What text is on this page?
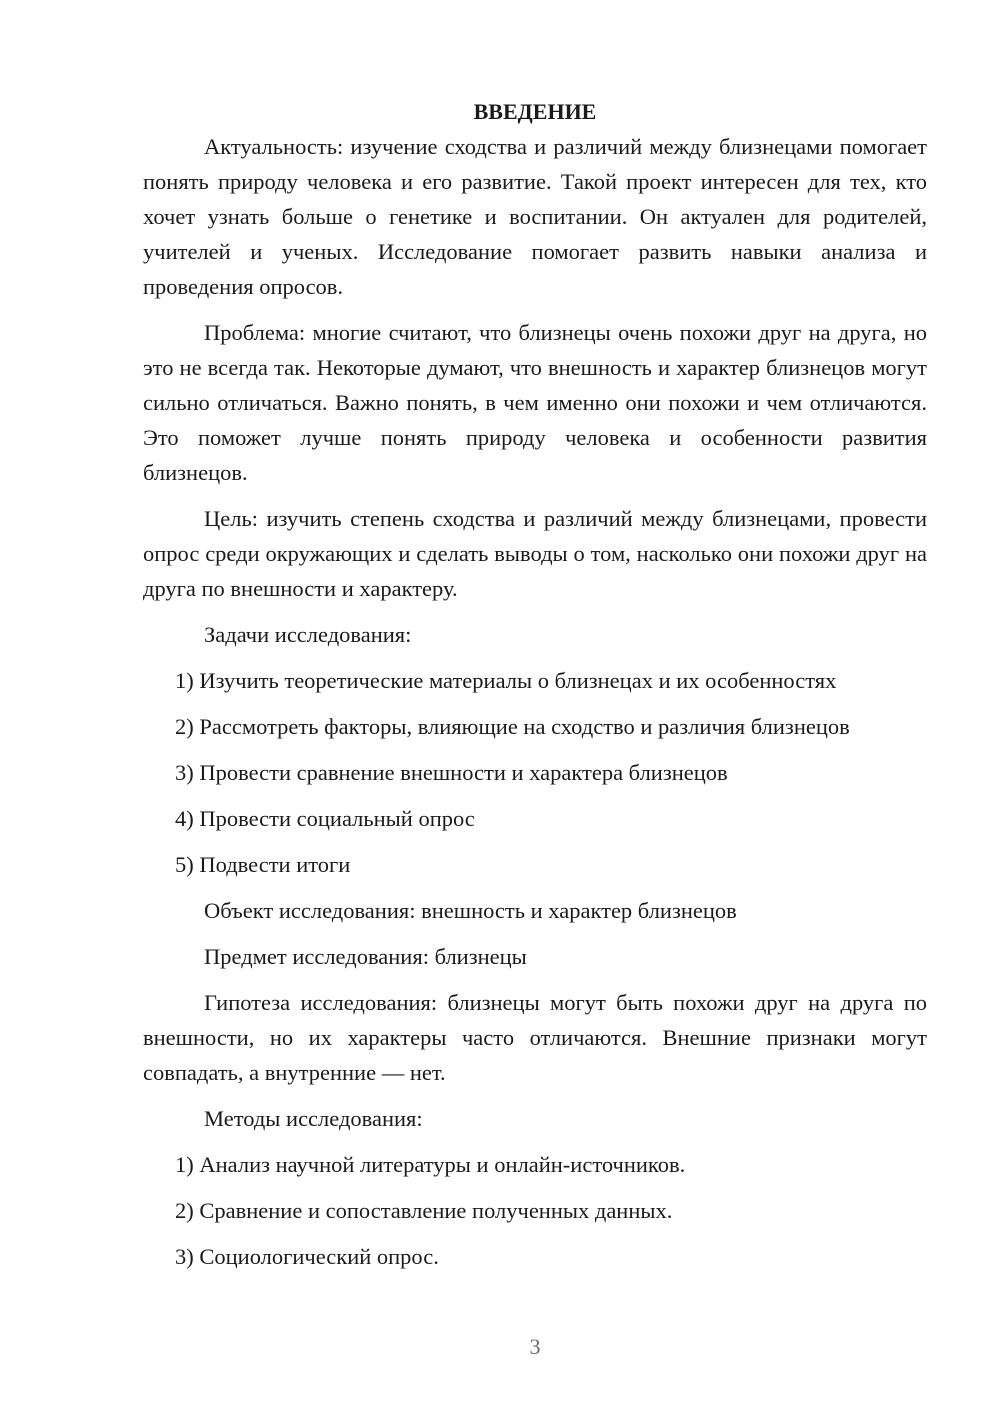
ВВЕДЕНИЕ

Актуальность: изучение сходства и различий между близнецами помогает понять природу человека и его развитие. Такой проект интересен для тех, кто хочет узнать больше о генетике и воспитании. Он актуален для родителей, учителей и ученых. Исследование помогает развить навыки анализа и проведения опросов.

Проблема: многие считают, что близнецы очень похожи друг на друга, но это не всегда так. Некоторые думают, что внешность и характер близнецов могут сильно отличаться. Важно понять, в чем именно они похожи и чем отличаются. Это поможет лучше понять природу человека и особенности развития близнецов.

Цель: изучить степень сходства и различий между близнецами, провести опрос среди окружающих и сделать выводы о том, насколько они похожи друг на друга по внешности и характеру.

Задачи исследования:
1) Изучить теоретические материалы о близнецах и их особенностях
2) Рассмотреть факторы, влияющие на сходство и различия близнецов
3) Провести сравнение внешности и характера близнецов
4) Провести социальный опрос
5) Подвести итоги
Объект исследования: внешность и характер близнецов
Предмет исследования: близнецы

Гипотеза исследования: близнецы могут быть похожи друг на друга по внешности, но их характеры часто отличаются. Внешние признаки могут совпадать, а внутренние — нет.

Методы исследования:
1) Анализ научной литературы и онлайн-источников.
2) Сравнение и сопоставление полученных данных.
3) Социологический опрос.
3
